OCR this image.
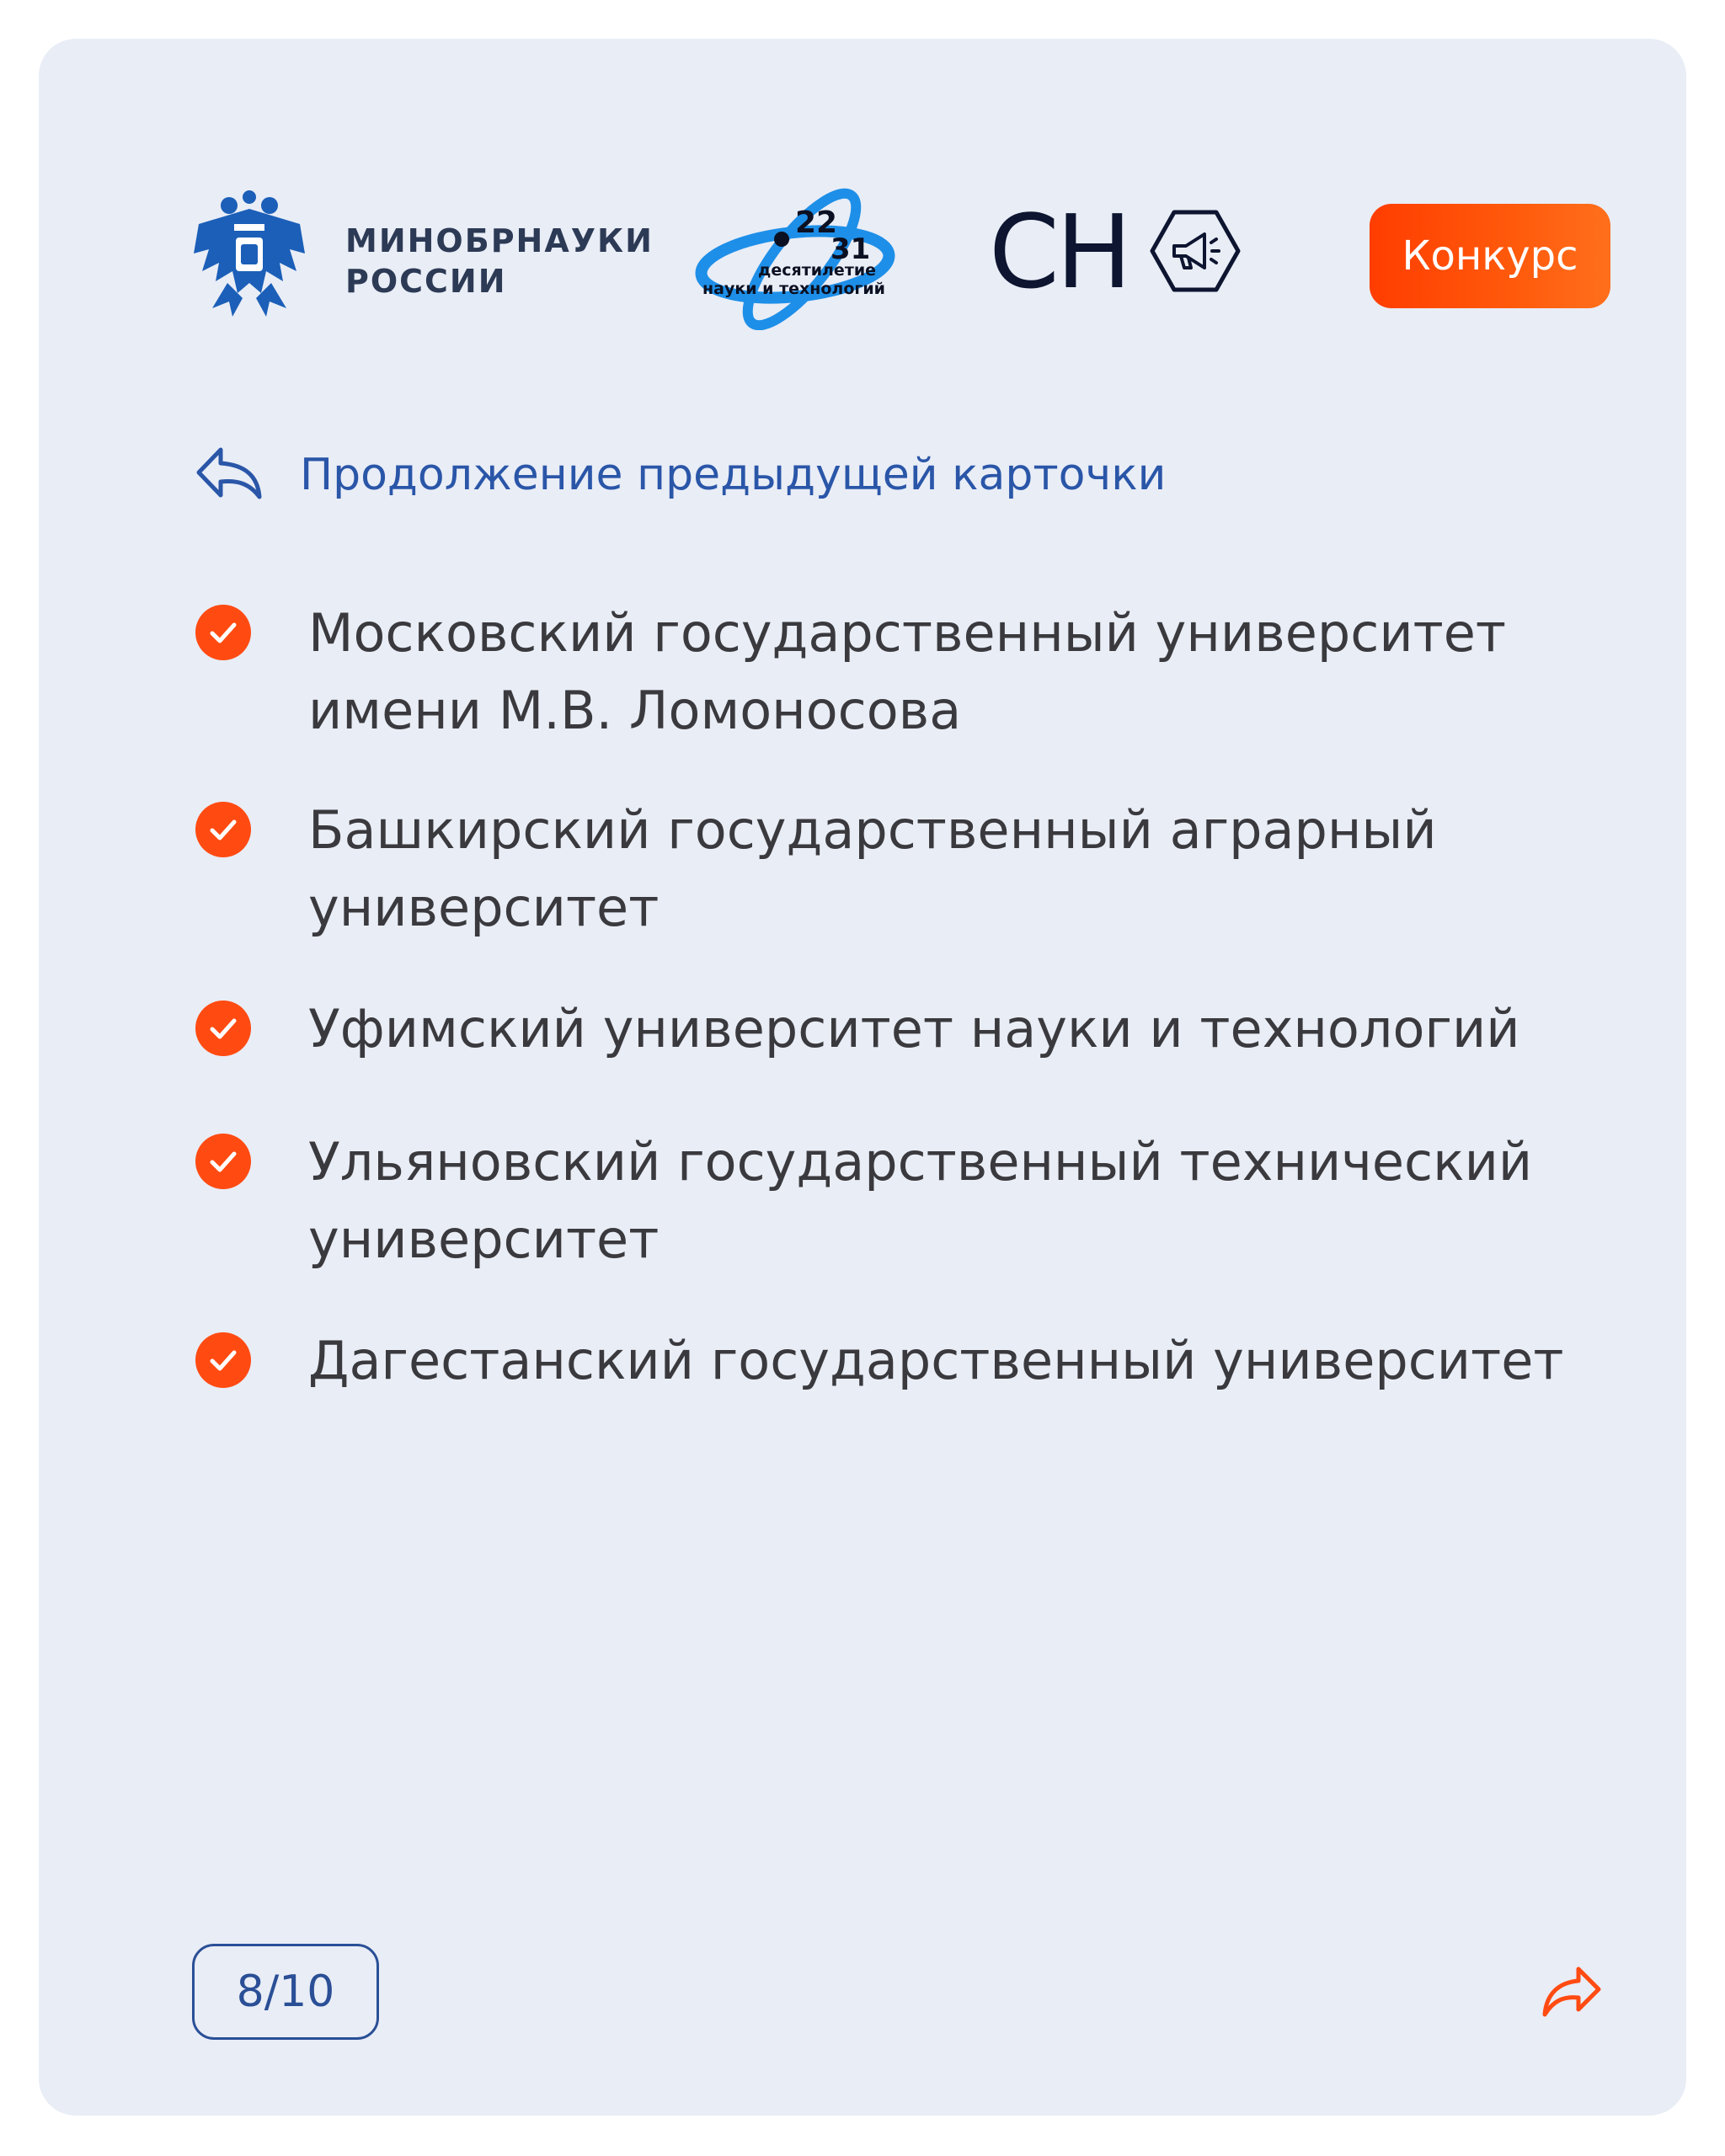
МИНОБРНАУКИ
РОССИИ
22
31
десятилетие
науки и технологий СН	Конкурс
Продолжение предыдущей карточки
Московский государственный университет имени М.В. Ломоносова
Башкирский государственный аграрный университет
Уфимский университет науки и технологий
Ульяновский государственный технический университет
Дагестанский государственный университет
8/10
